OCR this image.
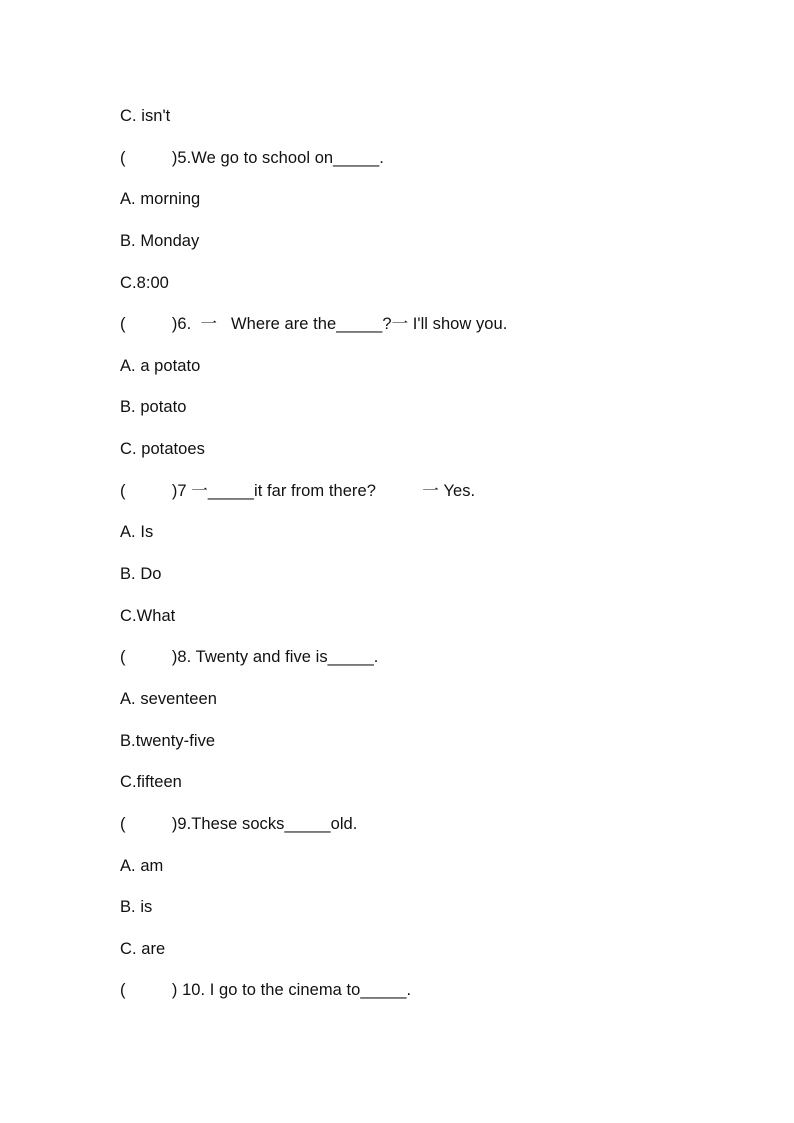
C. isn't
(          )5.We go to school on_____.
A. morning
B. Monday
C.8:00
(          )6.  一   Where are the_____?一 I'll show you.
A. a potato
B. potato
C. potatoes
(          )7 一_____it far from there?          一 Yes.
A. Is
B. Do
C.What
(          )8. Twenty and five is_____.
A. seventeen
B.twenty-five
C.fifteen
(          )9.These socks_____old.
A. am
B. is
C. are
(          ) 10. I go to the cinema to_____.
